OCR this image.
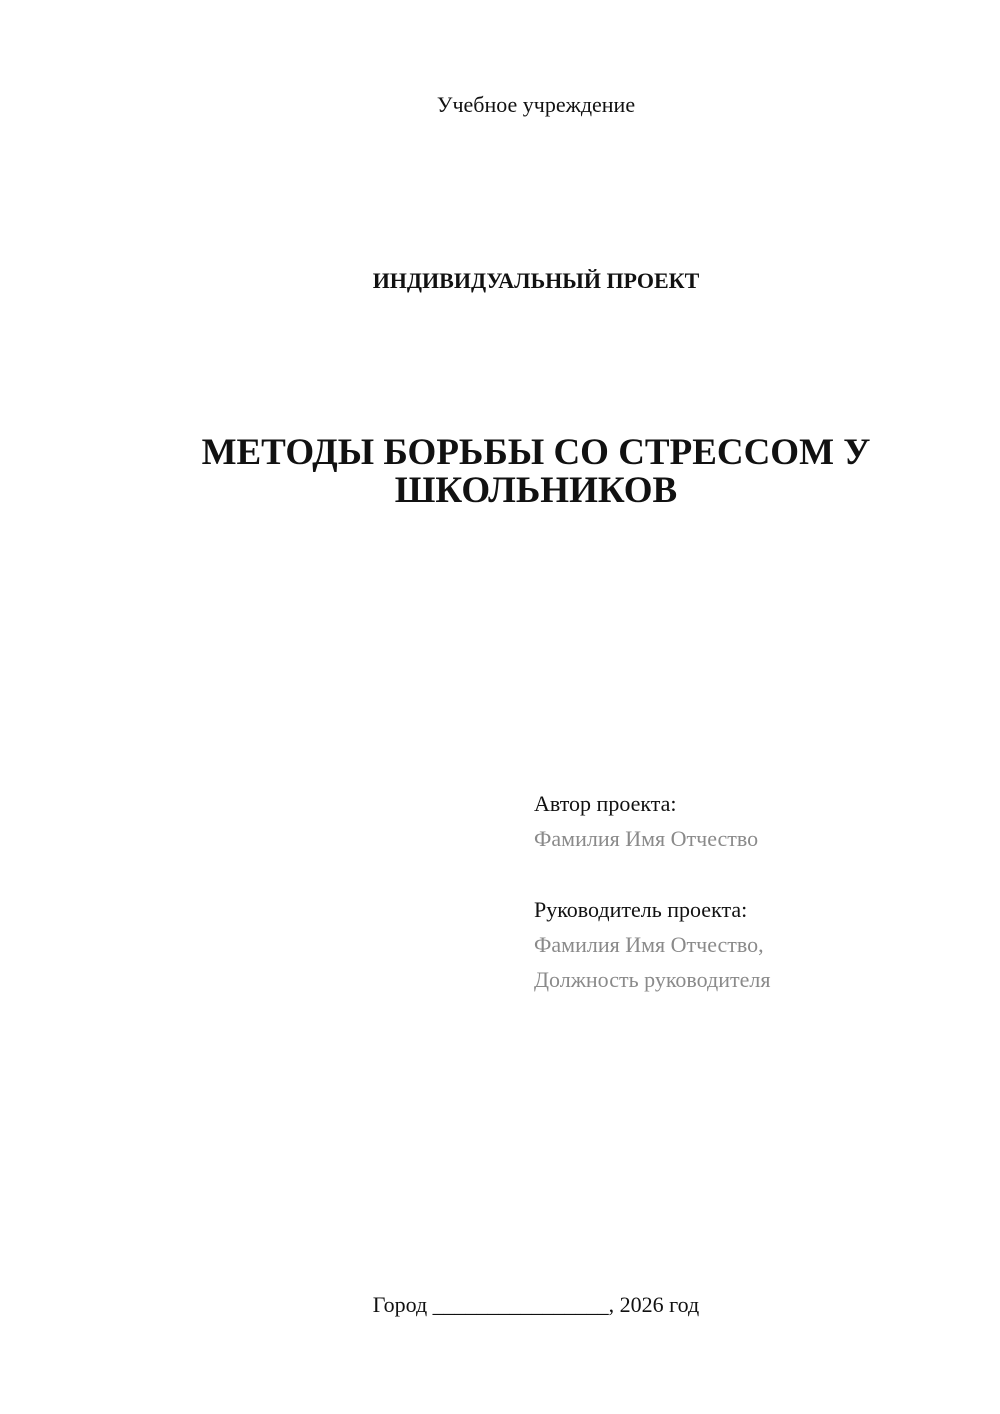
Учебное учреждение
ИНДИВИДУАЛЬНЫЙ ПРОЕКТ
МЕТОДЫ БОРЬБЫ СО СТРЕССОМ У
ШКОЛЬНИКОВ
Автор проекта:
Фамилия Имя Отчество
Руководитель проекта:
Фамилия Имя Отчество,
Должность руководителя
Город ________________, 2026 год
